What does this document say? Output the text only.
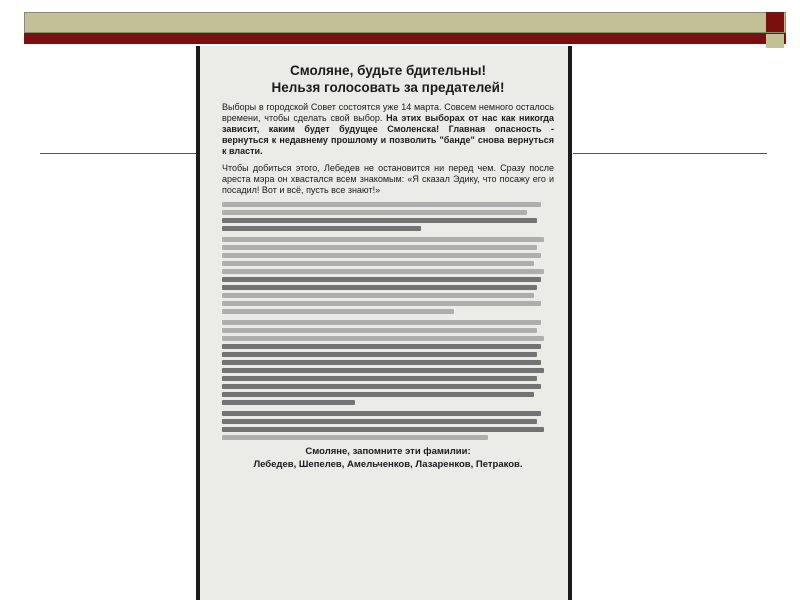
Смоляне, будьте бдительны!
Нельзя голосовать за предателей!

Выборы в городской Совет состоятся уже 14 марта. Совсем немного осталось времени, чтобы сделать свой выбор. На этих выборах от нас как никогда зависит, каким будет будущее Смоленска! Главная опасность - вернуться к недавнему прошлому и позволить "банде" снова вернуться к власти.

Чтобы добиться этого, Лебедев не остановится ни перед чем. Сразу после ареста мэра он хвастался всем знакомым: «Я сказал Эдику, что посажу его и посадил! Вот и всё, пусть все знают!»

Смоляне, запомните эти фамилии:
Лебедев, Шепелев, Амельченков, Лазаренков, Петраков.
